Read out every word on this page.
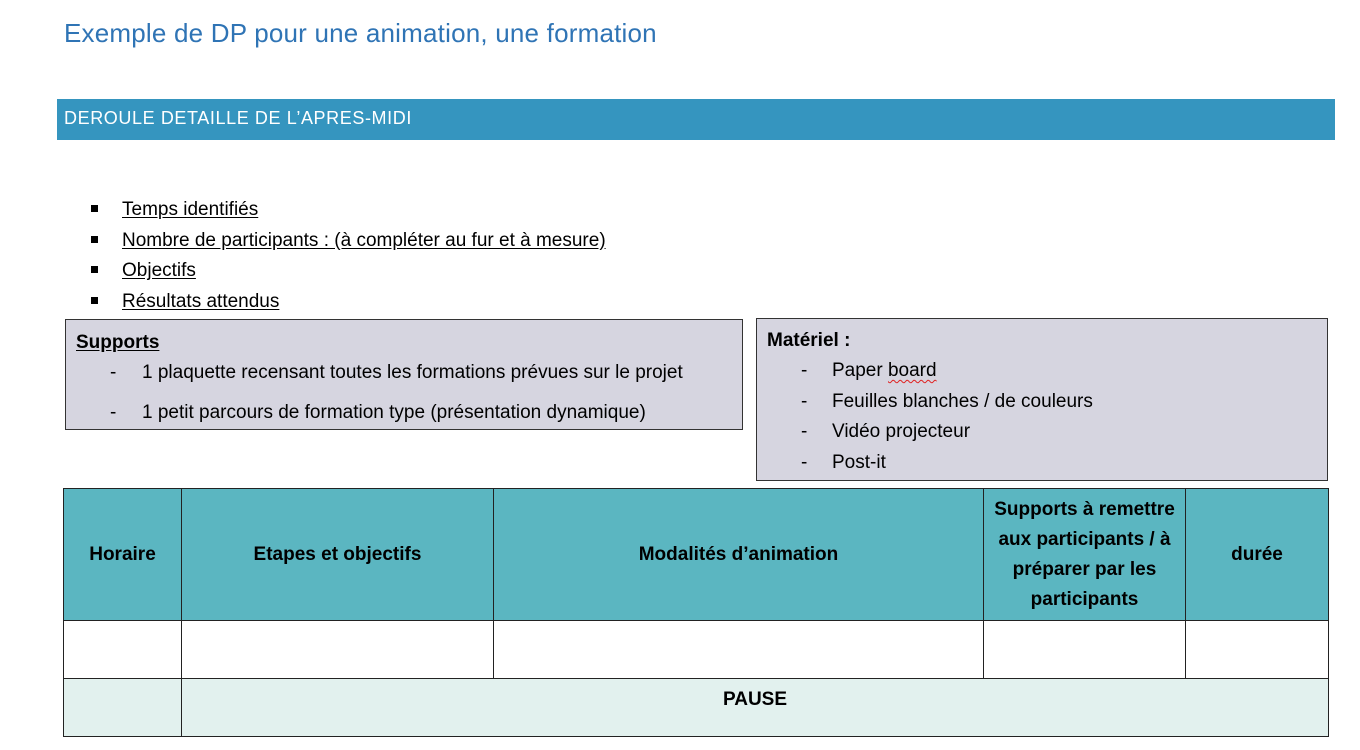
Exemple de DP pour une animation, une formation
DEROULE DETAILLE DE L’APRES-MIDI
Temps identifiés
Nombre de participants : (à compléter au fur et à mesure)
Objectifs
Résultats attendus
Supports
- 1 plaquette recensant toutes les formations prévues sur le projet
- 1 petit parcours de formation type (présentation dynamique)
Matériel :
- Paper board
- Feuilles blanches / de couleurs
- Vidéo projecteur
- Post-it
Horaire	Etapes et objectifs	Modalités d’animation	Supports à remettre aux participants / à préparer par les participants	durée

	PAUSE			
